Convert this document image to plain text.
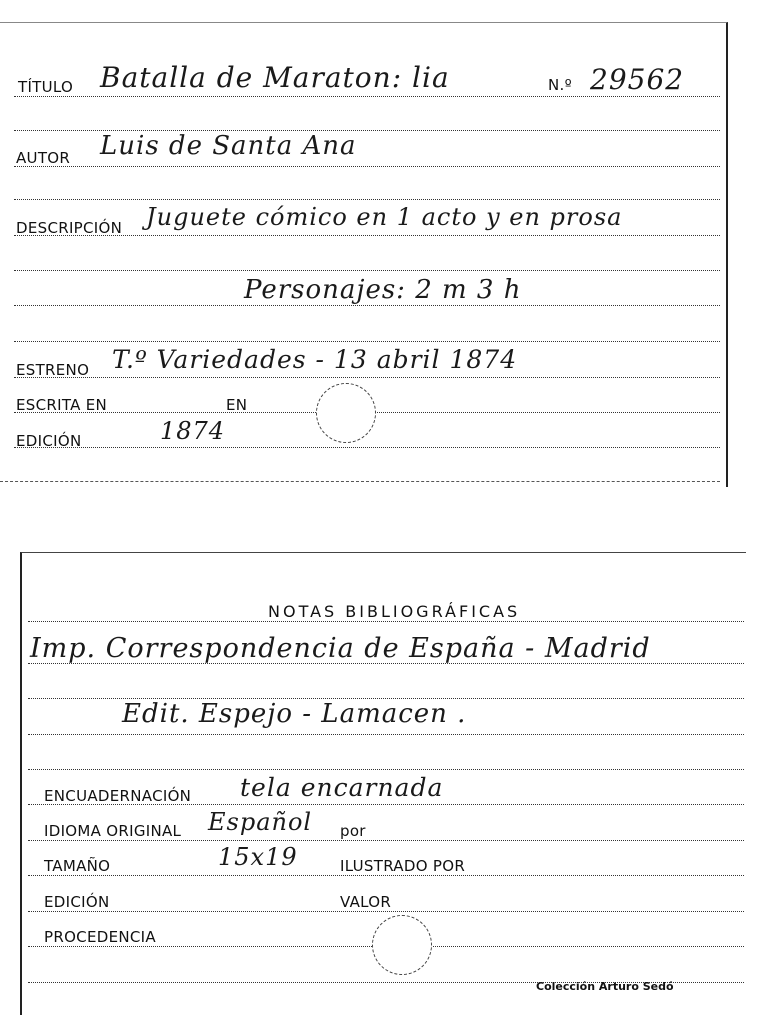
TÍTULO Batalla de Maraton: lia	N.º 29562
AUTOR Luis de Santa Ana
DESCRIPCIÓN Juguete cómico en 1 acto y en prosa
Personajes: 2 m 3 h
ESTRENO T.º Variedades - 13 abril 1874
ESCRITA EN	EN
EDICIÓN	1874
NOTAS BIBLIOGRÁFICAS
Imp. Correspondencia de España - Madrid
Edit. Espejo - Lamacen .
ENCUADERNACIÓN tela encarnada
IDIOMA ORIGINAL Español por
TAMAÑO	15x19	ILUSTRADO POR
EDICIÓN	VALOR
PROCEDENCIA
Colección Arturo Sedó
